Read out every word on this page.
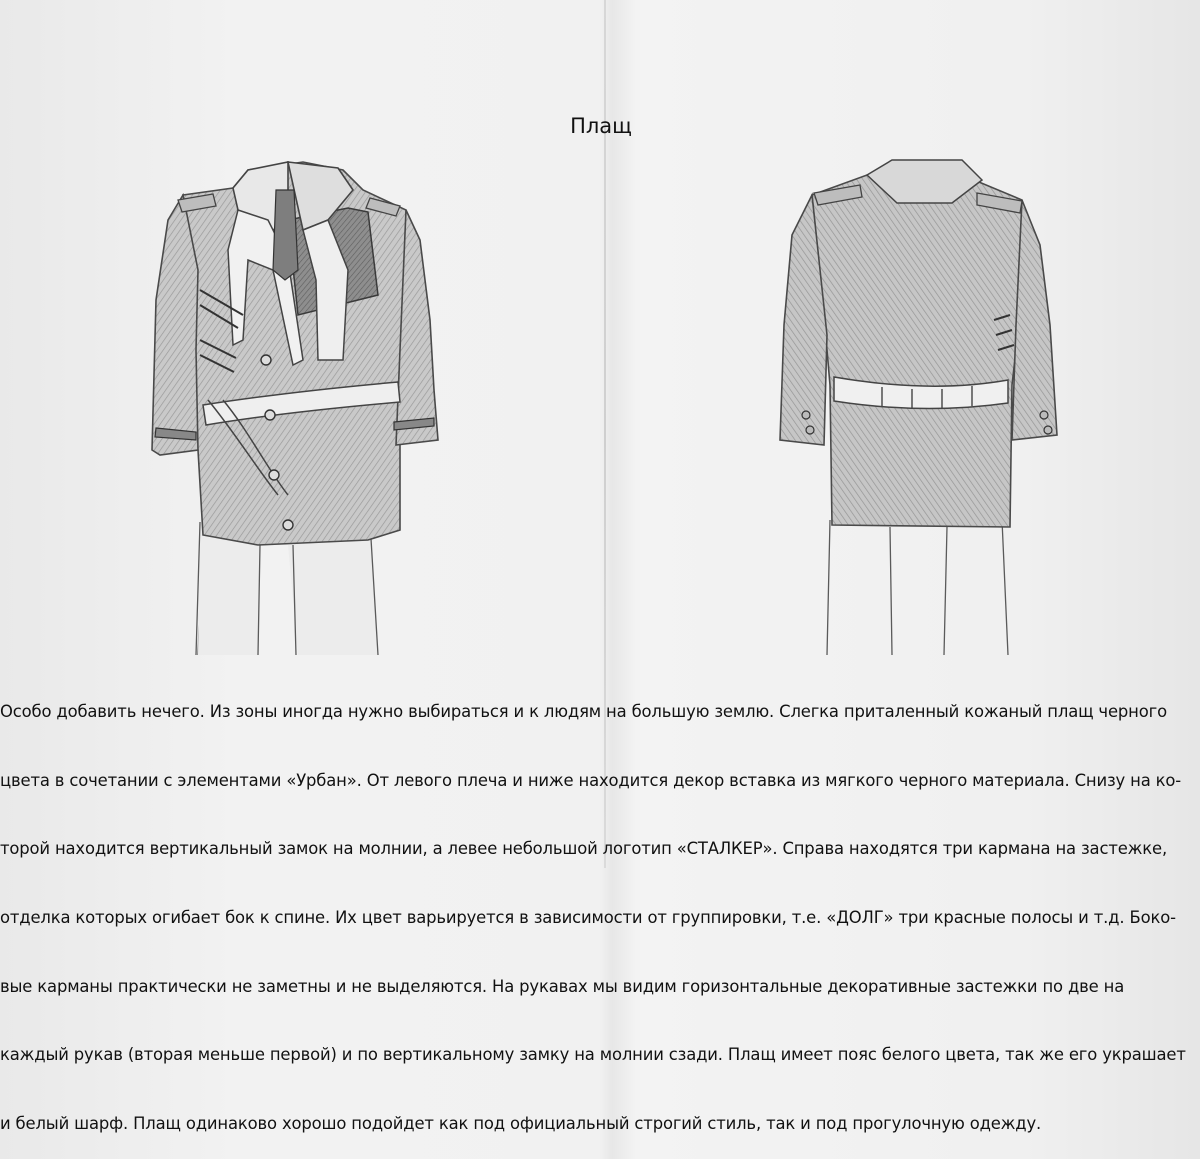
Плащ

Особо добавить нечего. Из зоны иногда нужно выбираться и к людям на большую землю. Слегка приталенный кожаный плащ черного

цвета в сочетании с элементами «Урбан». От левого плеча и ниже находится декор вставка из мягкого черного материала. Снизу на ко-

торой находится вертикальный замок на молнии, а левее небольшой логотип «СТАЛКЕР». Справа находятся три кармана на застежке,

отделка которых огибает бок к спине. Их цвет варьируется в зависимости от группировки, т.е. «ДОЛГ» три красные полосы и т.д. Боко-

вые карманы практически не заметны и не выделяются. На рукавах мы видим горизонтальные декоративные застежки по две на

каждый рукав (вторая меньше первой) и по вертикальному замку на молнии сзади. Плащ имеет пояс белого цвета, так же его украшает

и белый шарф. Плащ одинаково хорошо подойдет как под официальный строгий стиль, так и под прогулочную одежду.
